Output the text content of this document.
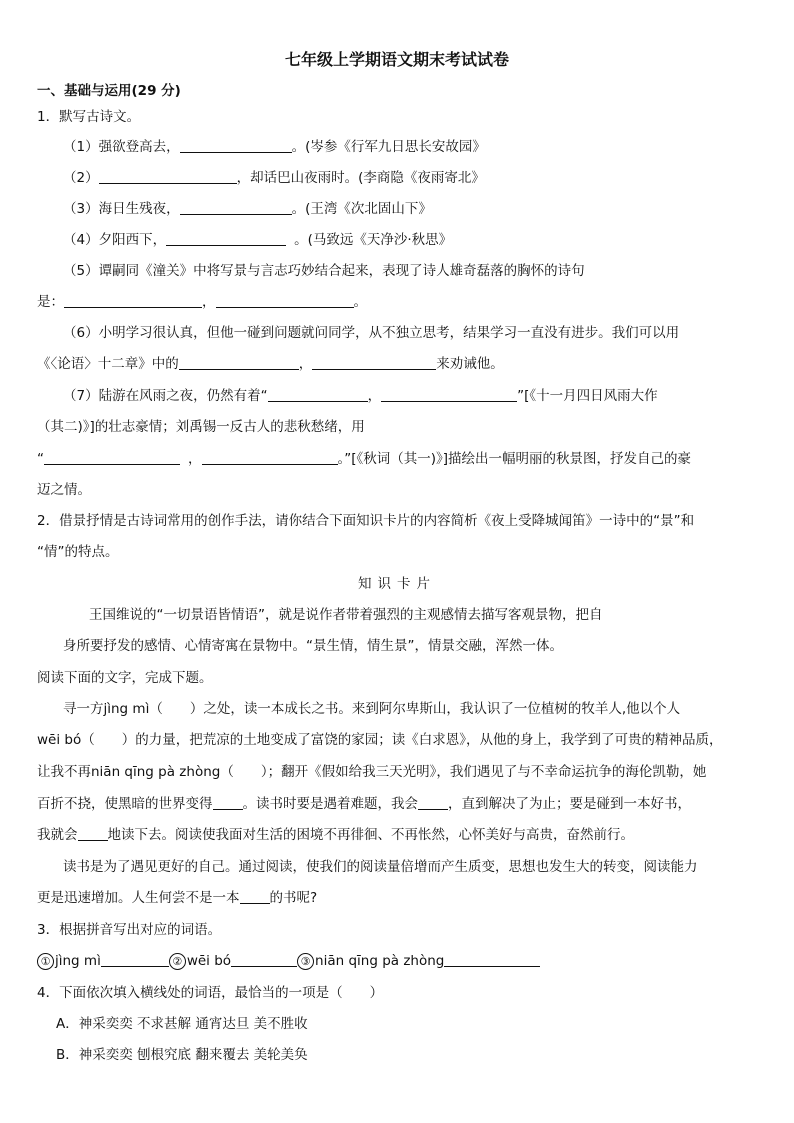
七年级上学期语文期末考试试卷
一、基础与运用(29 分)
1．默写古诗文。
（1）强欲登高去，	。(岑参《行军九日思长安故园》
（2）	，却话巴山夜雨时。(李商隐《夜雨寄北》
（3）海日生残夜，	。(王湾《次北固山下》
（4）夕阳西下，	。(马致远《天净沙·秋思》
（5）谭嗣同《潼关》中将写景与言志巧妙结合起来，表现了诗人雄奇磊落的胸怀的诗句
是：	，	。
（6）小明学习很认真，但他一碰到问题就问同学，从不独立思考，结果学习一直没有进步。我们可以用
《〈论语〉十二章》中的	，	来劝诫他。
（7）陆游在风雨之夜，仍然有着“	，	”[《十一月四日风雨大作
（其二)》]的壮志豪情；刘禹锡一反古人的悲秋愁绪，用
“	，	。”[《秋词（其一)》]描绘出一幅明丽的秋景图，抒发自己的豪
迈之情。
2．借景抒情是古诗词常用的创作手法，请你结合下面知识卡片的内容简析《夜上受降城闻笛》一诗中的“景”和
“情”的特点。
知识卡片
王国维说的“一切景语皆情语”，就是说作者带着强烈的主观感情去描写客观景物，把自
身所要抒发的感情、心情寄寓在景物中。“景生情，情生景”，情景交融，浑然一体。
阅读下面的文字，完成下题。
寻一方jìng mì（　　）之处，读一本成长之书。来到阿尔卑斯山，我认识了一位植树的牧羊人,他以个人
wēi bó（　　）的力量，把荒凉的土地变成了富饶的家园；读《白求恩》，从他的身上，我学到了可贵的精神品质，
让我不再niān qīng pà zhòng（　　）；翻开《假如给我三天光明》，我们遇见了与不幸命运抗争的海伦凯勒，她
百折不挠，使黑暗的世界变得 。读书时要是遇着难题，我会 ，直到解决了为止；要是碰到一本好书，
我就会 地读下去。阅读使我面对生活的困境不再徘徊、不再怅然，心怀美好与高贵，奋然前行。
读书是为了遇见更好的自己。通过阅读，使我们的阅读量倍增而产生质变，思想也发生大的转变，阅读能力
更是迅速增加。人生何尝不是一本 的书呢?
3．根据拼音写出对应的词语。
① jìng mì	② wēi bó	③ niān qīng pà zhòng
4．下面依次填入横线处的词语，最恰当的一项是（　　）
A．神采奕奕 不求甚解 通宵达旦 美不胜收
B．神采奕奕 刨根究底 翻来覆去 美轮美奂
